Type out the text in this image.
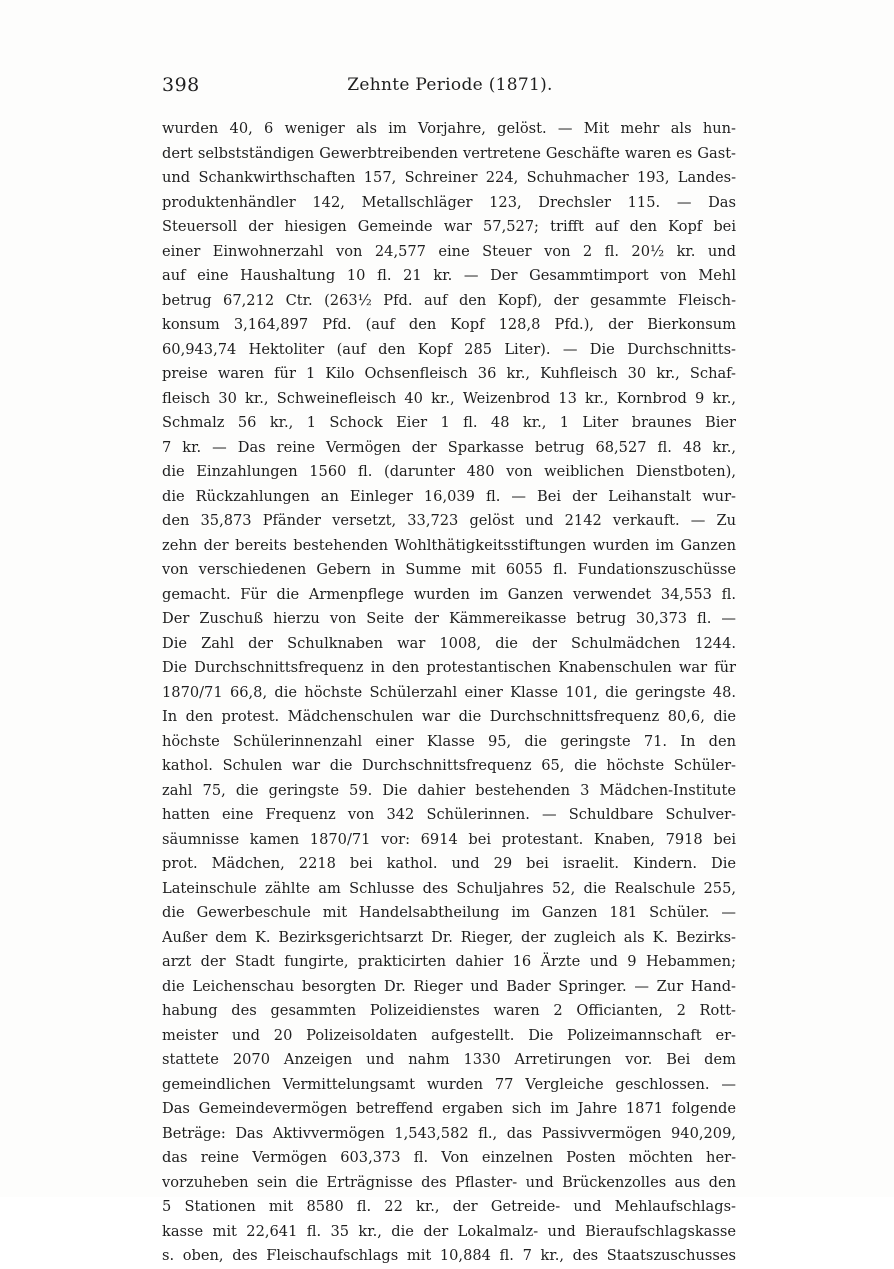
398	Zehnte Periode (1871).
wurden 40, 6 weniger als im Vorjahre, gelöst. — Mit mehr als hun-
dert selbstständigen Gewerbtreibenden vertretene Geschäfte waren es Gast-
und Schankwirthschaften 157, Schreiner 224, Schuhmacher 193, Landes-
produktenhändler 142, Metallschläger 123, Drechsler 115. — Das
Steuersoll der hiesigen Gemeinde war 57,527; trifft auf den Kopf bei
einer Einwohnerzahl von 24,577 eine Steuer von 2 fl. 20½ kr. und
auf eine Haushaltung 10 fl. 21 kr. — Der Gesammtimport von Mehl
betrug 67,212 Ctr. (263½ Pfd. auf den Kopf), der gesammte Fleisch-
konsum 3,164,897 Pfd. (auf den Kopf 128,8 Pfd.), der Bierkonsum
60,943,74 Hektoliter (auf den Kopf 285 Liter). — Die Durchschnitts-
preise waren für 1 Kilo Ochsenfleisch 36 kr., Kuhfleisch 30 kr., Schaf-
fleisch 30 kr., Schweinefleisch 40 kr., Weizenbrod 13 kr., Kornbrod 9 kr.,
Schmalz 56 kr., 1 Schock Eier 1 fl. 48 kr., 1 Liter braunes Bier
7 kr. — Das reine Vermögen der Sparkasse betrug 68,527 fl. 48 kr.,
die Einzahlungen 1560 fl. (darunter 480 von weiblichen Dienstboten),
die Rückzahlungen an Einleger 16,039 fl. — Bei der Leihanstalt wur-
den 35,873 Pfänder versetzt, 33,723 gelöst und 2142 verkauft. — Zu
zehn der bereits bestehenden Wohlthätigkeitsstiftungen wurden im Ganzen
von verschiedenen Gebern in Summe mit 6055 fl. Fundationszuschüsse
gemacht. Für die Armenpflege wurden im Ganzen verwendet 34,553 fl.
Der Zuschuß hierzu von Seite der Kämmereikasse betrug 30,373 fl. —
Die Zahl der Schulknaben war 1008, die der Schulmädchen 1244.
Die Durchschnittsfrequenz in den protestantischen Knabenschulen war für
1870/71 66,8, die höchste Schülerzahl einer Klasse 101, die geringste 48.
In den protest. Mädchenschulen war die Durchschnittsfrequenz 80,6, die
höchste Schülerinnenzahl einer Klasse 95, die geringste 71. In den
kathol. Schulen war die Durchschnittsfrequenz 65, die höchste Schüler-
zahl 75, die geringste 59. Die dahier bestehenden 3 Mädchen-Institute
hatten eine Frequenz von 342 Schülerinnen. — Schuldbare Schulver-
säumnisse kamen 1870/71 vor: 6914 bei protestant. Knaben, 7918 bei
prot. Mädchen, 2218 bei kathol. und 29 bei israelit. Kindern. Die
Lateinschule zählte am Schlusse des Schuljahres 52, die Realschule 255,
die Gewerbeschule mit Handelsabtheilung im Ganzen 181 Schüler. —
Außer dem K. Bezirksgerichtsarzt Dr. Rieger, der zugleich als K. Bezirks-
arzt der Stadt fungirte, prakticirten dahier 16 Ärzte und 9 Hebammen;
die Leichenschau besorgten Dr. Rieger und Bader Springer. — Zur Hand-
habung des gesammten Polizeidienstes waren 2 Officianten, 2 Rott-
meister und 20 Polizeisoldaten aufgestellt. Die Polizeimannschaft er-
stattete 2070 Anzeigen und nahm 1330 Arretirungen vor. Bei dem
gemeindlichen Vermittelungsamt wurden 77 Vergleiche geschlossen. —
Das Gemeindevermögen betreffend ergaben sich im Jahre 1871 folgende
Beträge: Das Aktivvermögen 1,543,582 fl., das Passivvermögen 940,209,
das reine Vermögen 603,373 fl. Von einzelnen Posten möchten her-
vorzuheben sein die Erträgnisse des Pflaster- und Brückenzolles aus den
5 Stationen mit 8580 fl. 22 kr., der Getreide- und Mehlaufschlags-
kasse mit 22,641 fl. 35 kr., die der Lokalmalz- und Bieraufschlagskasse
s. oben, des Fleischaufschlags mit 10,884 fl. 7 kr., des Staatszuschusses
